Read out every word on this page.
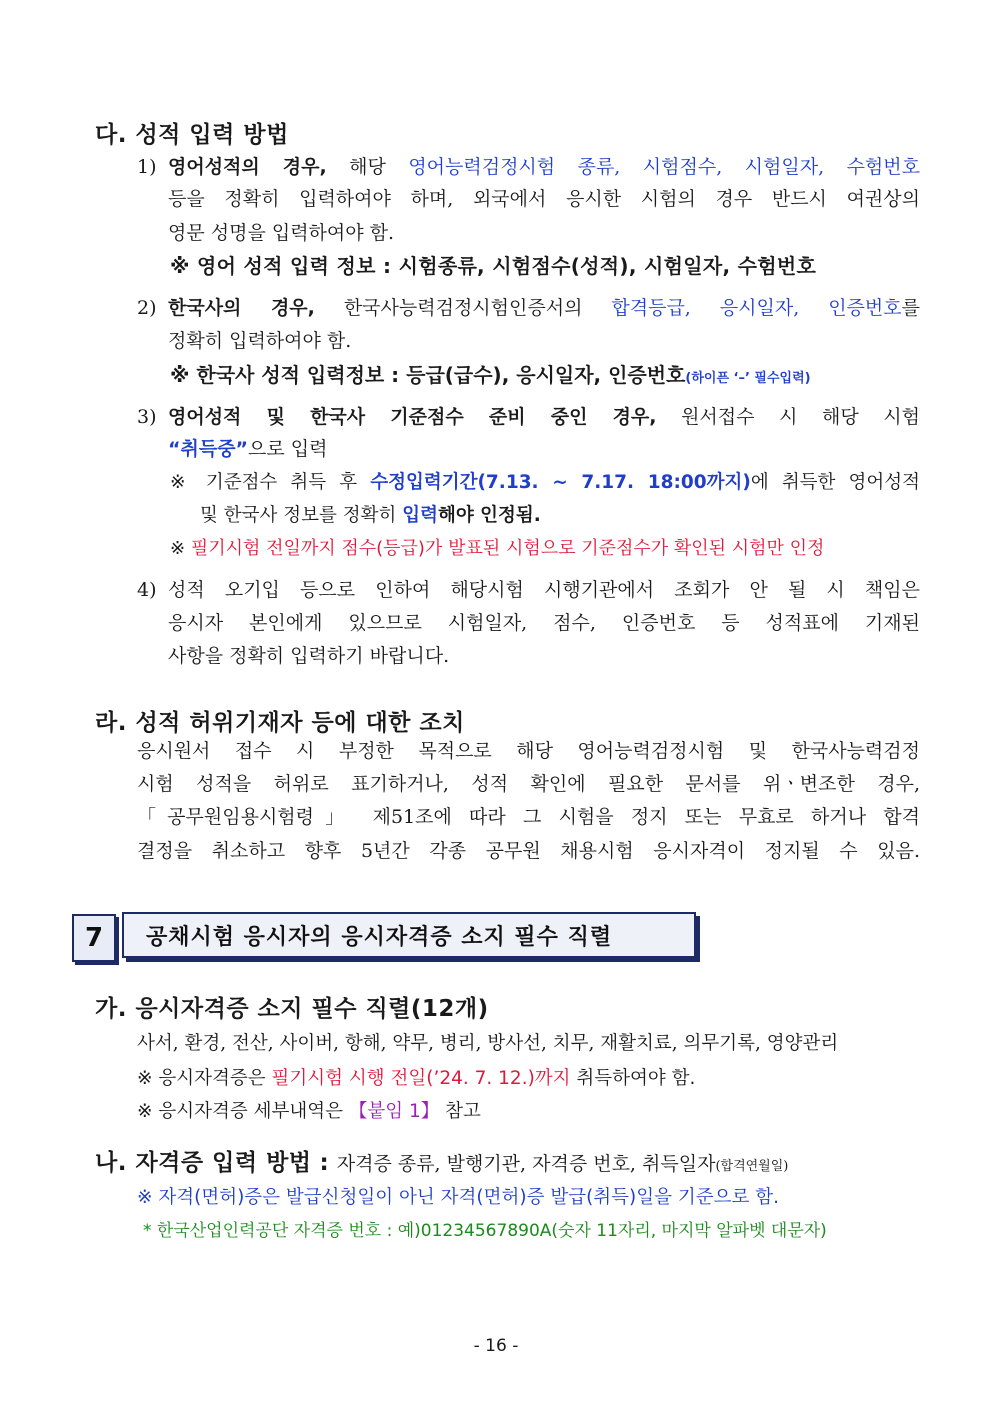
다. 성적 입력 방법
1) 영어성적의 경우, 해당 영어능력검정시험 종류, 시험점수, 시험일자, 수험번호
등을 정확히 입력하여야 하며, 외국에서 응시한 시험의 경우 반드시 여권상의
영문 성명을 입력하여야 함.
※ 영어 성적 입력 정보 : 시험종류, 시험점수(성적), 시험일자, 수험번호
2) 한국사의 경우, 한국사능력검정시험인증서의 합격등급, 응시일자, 인증번호를
정확히 입력하여야 함.
※ 한국사 성적 입력정보 : 등급(급수), 응시일자, 인증번호(하이픈 ‘–’ 필수입력)
3) 영어성적 및 한국사 기준점수 준비 중인 경우, 원서접수 시 해당 시험
“취득중”으로 입력
※ 기준점수 취득 후 수정입력기간(7.13. ~ 7.17. 18:00까지)에 취득한 영어성적
및 한국사 정보를 정확히 입력해야 인정됨.
※ 필기시험 전일까지 점수(등급)가 발표된 시험으로 기준점수가 확인된 시험만 인정
4) 성적 오기입 등으로 인하여 해당시험 시행기관에서 조회가 안 될 시 책임은
응시자 본인에게 있으므로 시험일자, 점수, 인증번호 등 성적표에 기재된
사항을 정확히 입력하기 바랍니다.
라. 성적 허위기재자 등에 대한 조치
응시원서 접수 시 부정한 목적으로 해당 영어능력검정시험 및 한국사능력검정
시험 성적을 허위로 표기하거나, 성적 확인에 필요한 문서를 위ㆍ변조한 경우,
「공무원임용시험령」 제51조에 따라 그 시험을 정지 또는 무효로 하거나 합격
결정을 취소하고 향후 5년간 각종 공무원 채용시험 응시자격이 정지될 수 있음.
7	공채시험 응시자의 응시자격증 소지 필수 직렬
가. 응시자격증 소지 필수 직렬(12개)
사서, 환경, 전산, 사이버, 항해, 약무, 병리, 방사선, 치무, 재활치료, 의무기록, 영양관리
※ 응시자격증은 필기시험 시행 전일(’24. 7. 12.)까지 취득하여야 함.
※ 응시자격증 세부내역은 【붙임 1】 참고
나. 자격증 입력 방법 : 자격증 종류, 발행기관, 자격증 번호, 취득일자(합격연월일)
※ 자격(면허)증은 발급신청일이 아닌 자격(면허)증 발급(취득)일을 기준으로 함.
* 한국산업인력공단 자격증 번호 : 예)01234567890A(숫자 11자리, 마지막 알파벳 대문자)
- 16 -
